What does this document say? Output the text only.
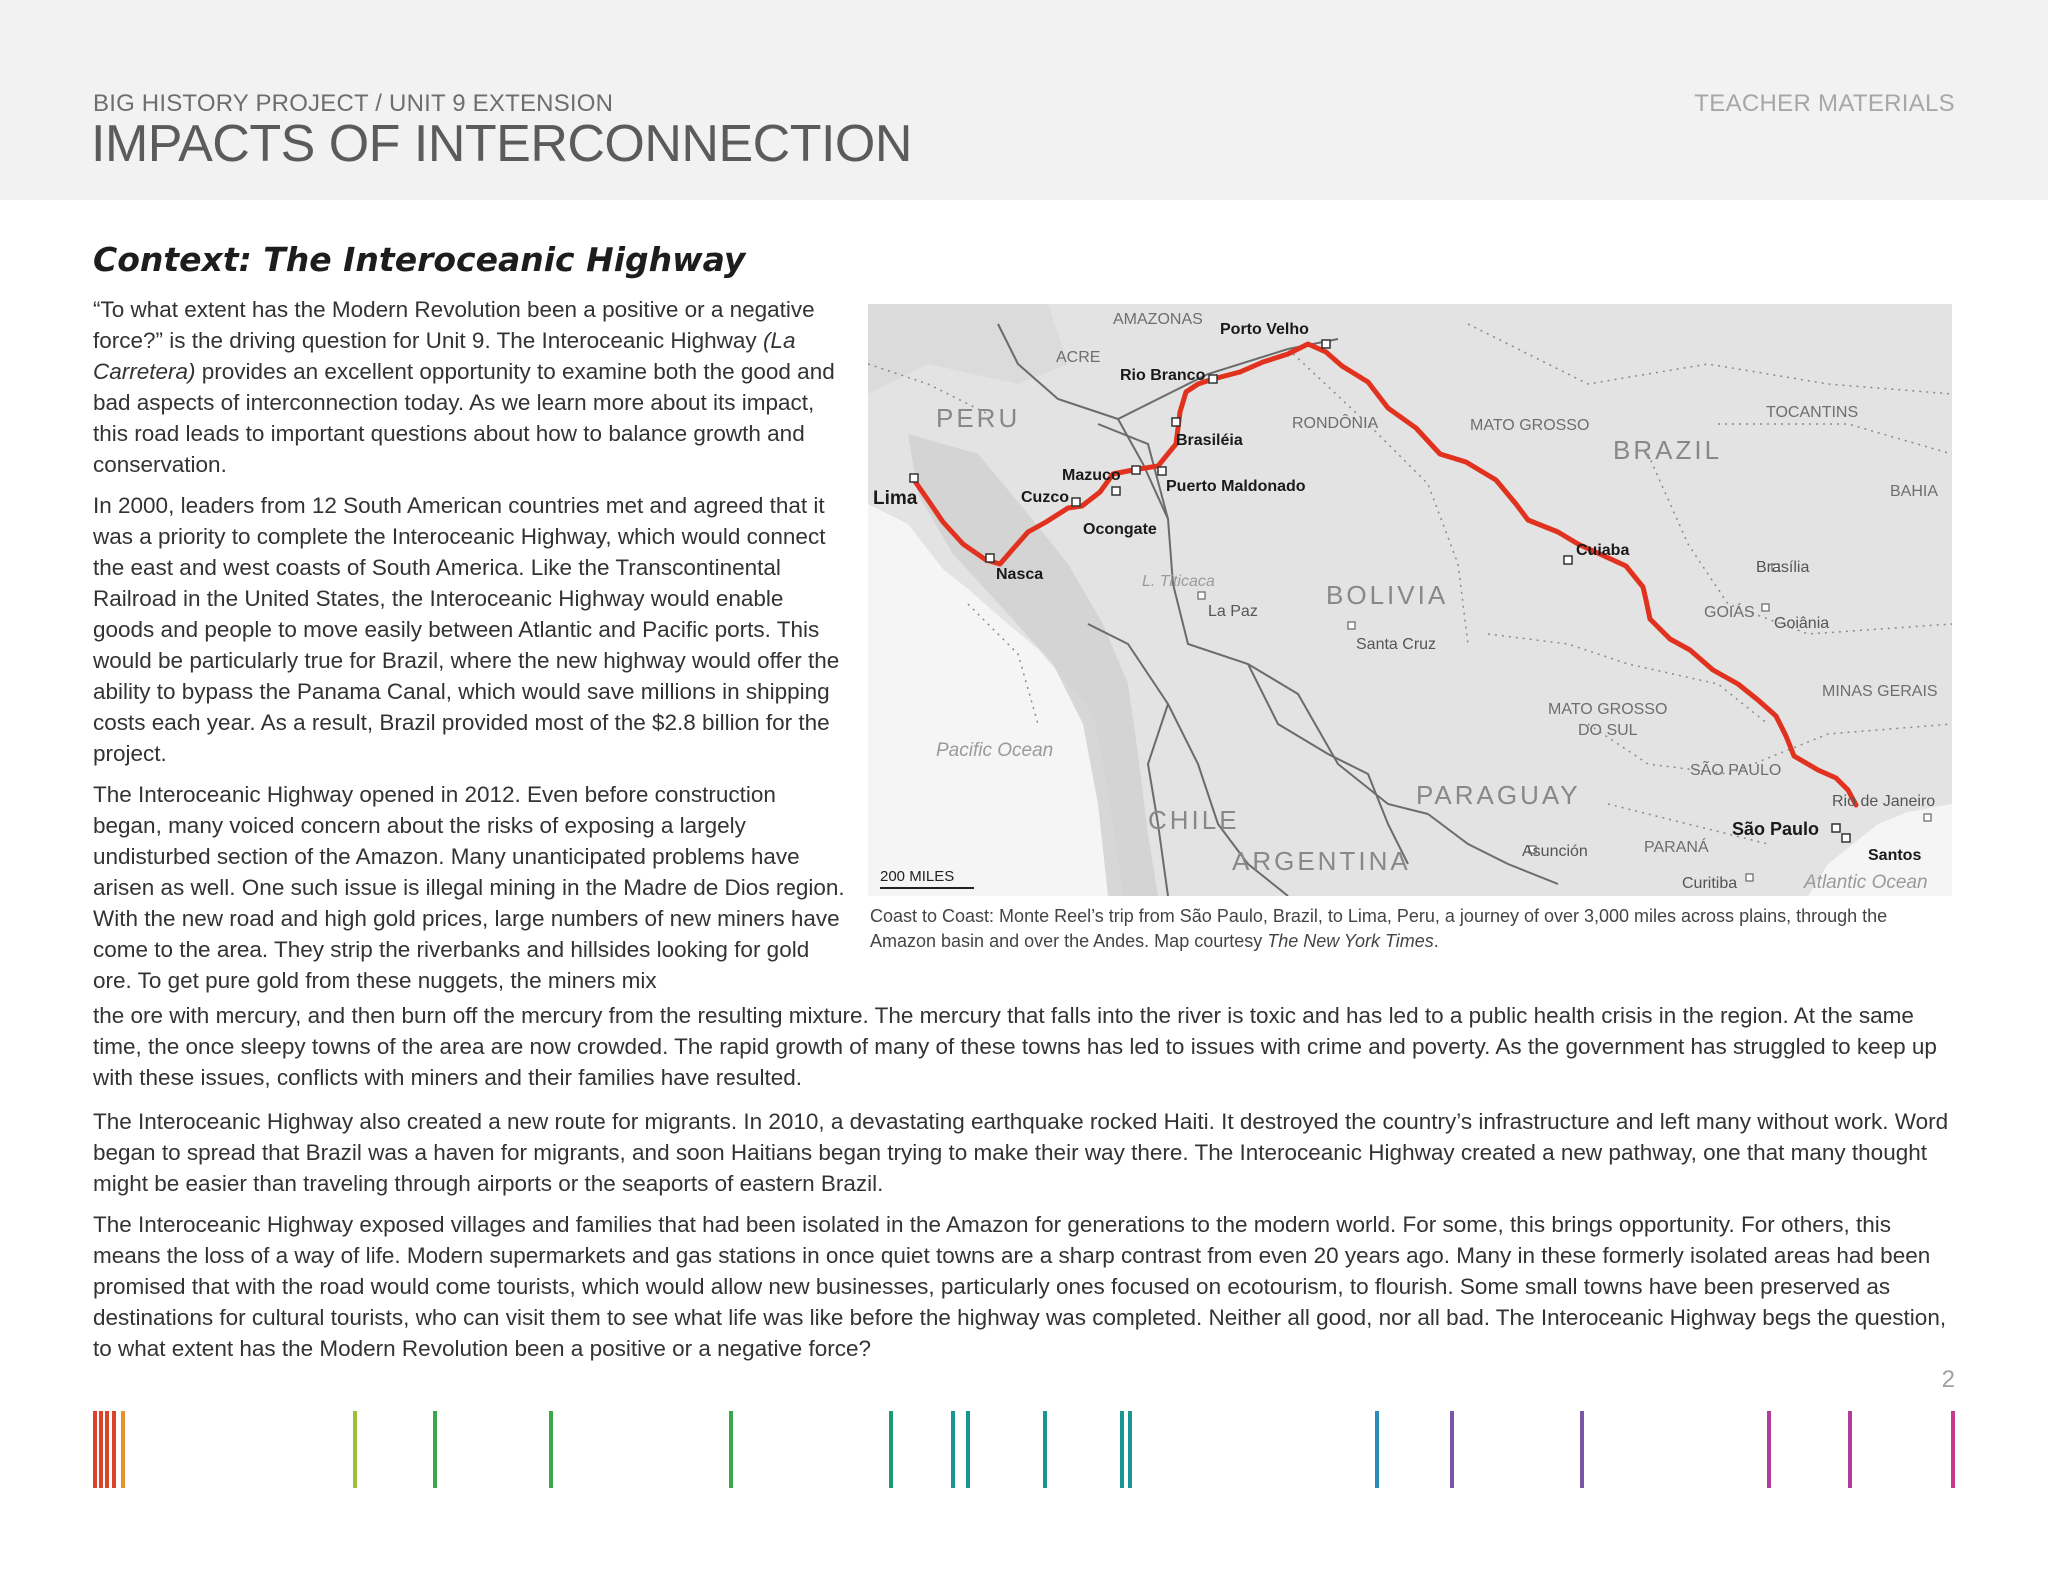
BIG HISTORY PROJECT / UNIT 9 EXTENSION	TEACHER MATERIALS
IMPACTS OF INTERCONNECTION
Context: The Interoceanic Highway

“To what extent has the Modern Revolution been a positive or a negative force?” is the driving question for Unit 9. The Interoceanic Highway (La Carretera) provides an excellent opportunity to examine both the good and bad aspects of interconnection today. As we learn more about its impact, this road leads to important questions about how to balance growth and conservation.

In 2000, leaders from 12 South American countries met and agreed that it was a priority to complete the Interoceanic Highway, which would connect the east and west coasts of South America. Like the Transcontinental Railroad in the United States, the Interoceanic Highway would enable goods and people to move easily between Atlantic and Pacific ports. This would be particularly true for Brazil, where the new highway would offer the ability to bypass the Panama Canal, which would save millions in shipping costs each year. As a result, Brazil provided most of the $2.8 billion for the project.

The Interoceanic Highway opened in 2012. Even before construction began, many voiced concern about the risks of exposing a largely undisturbed section of the Amazon. Many unanticipated problems have arisen as well. One such issue is illegal mining in the Madre de Dios region. With the new road and high gold prices, large numbers of new miners have come to the area. They strip the riverbanks and hillsides looking for gold ore. To get pure gold from these nuggets, the miners mix

the ore with mercury, and then burn off the mercury from the resulting mixture. The mercury that falls into the river is toxic and has led to a public health crisis in the region. At the same time, the once sleepy towns of the area are now crowded. The rapid growth of many of these towns has led to issues with crime and poverty. As the government has struggled to keep up with these issues, conflicts with miners and their families have resulted.

The Interoceanic Highway also created a new route for migrants. In 2010, a devastating earthquake rocked Haiti. It destroyed the country’s infrastructure and left many without work. Word began to spread that Brazil was a haven for migrants, and soon Haitians began trying to make their way there. The Interoceanic Highway created a new pathway, one that many thought might be easier than traveling through airports or the seaports of eastern Brazil.

The Interoceanic Highway exposed villages and families that had been isolated in the Amazon for generations to the modern world. For some, this brings opportunity. For others, this means the loss of a way of life. Modern supermarkets and gas stations in once quiet towns are a sharp contrast from even 20 years ago. Many in these formerly isolated areas had been promised that with the road would come tourists, which would allow new businesses, particularly ones focused on ecotourism, to flourish. Some small towns have been preserved as destinations for cultural tourists, who can visit them to see what life was like before the highway was completed. Neither all good, nor all bad. The Interoceanic Highway begs the question, to what extent has the Modern Revolution been a positive or a negative force?

PERU
BRAZIL
BOLIVIA
PARAGUAY
CHILE
ARGENTINA
AMAZONAS
ACRE
RONDÔNIA	MATO GROSSO
TOCANTINS
BAHIA
GOIÁS
MINAS GERAIS
MATO GROSSO
DO SUL
SÃO PAULO
PARANÁ
Porto Velho
Rio Branco
Brasiléia
Mazuco
Puerto Maldonado
Cuzco
Ocongate
Cuiaba
Nasca
Santos
Lima
São Paulo
L. Titicaca
La Paz
Santa Cruz
Brasília
Goiânia
Rio de Janeiro
Asunción
Curitiba
Pacific Ocean
Atlantic Ocean
200 MILES
Coast to Coast: Monte Reel’s trip from São Paulo, Brazil, to Lima, Peru, a journey of over 3,000 miles across plains, through the Amazon basin and over the Andes. Map courtesy The New York Times.
2
